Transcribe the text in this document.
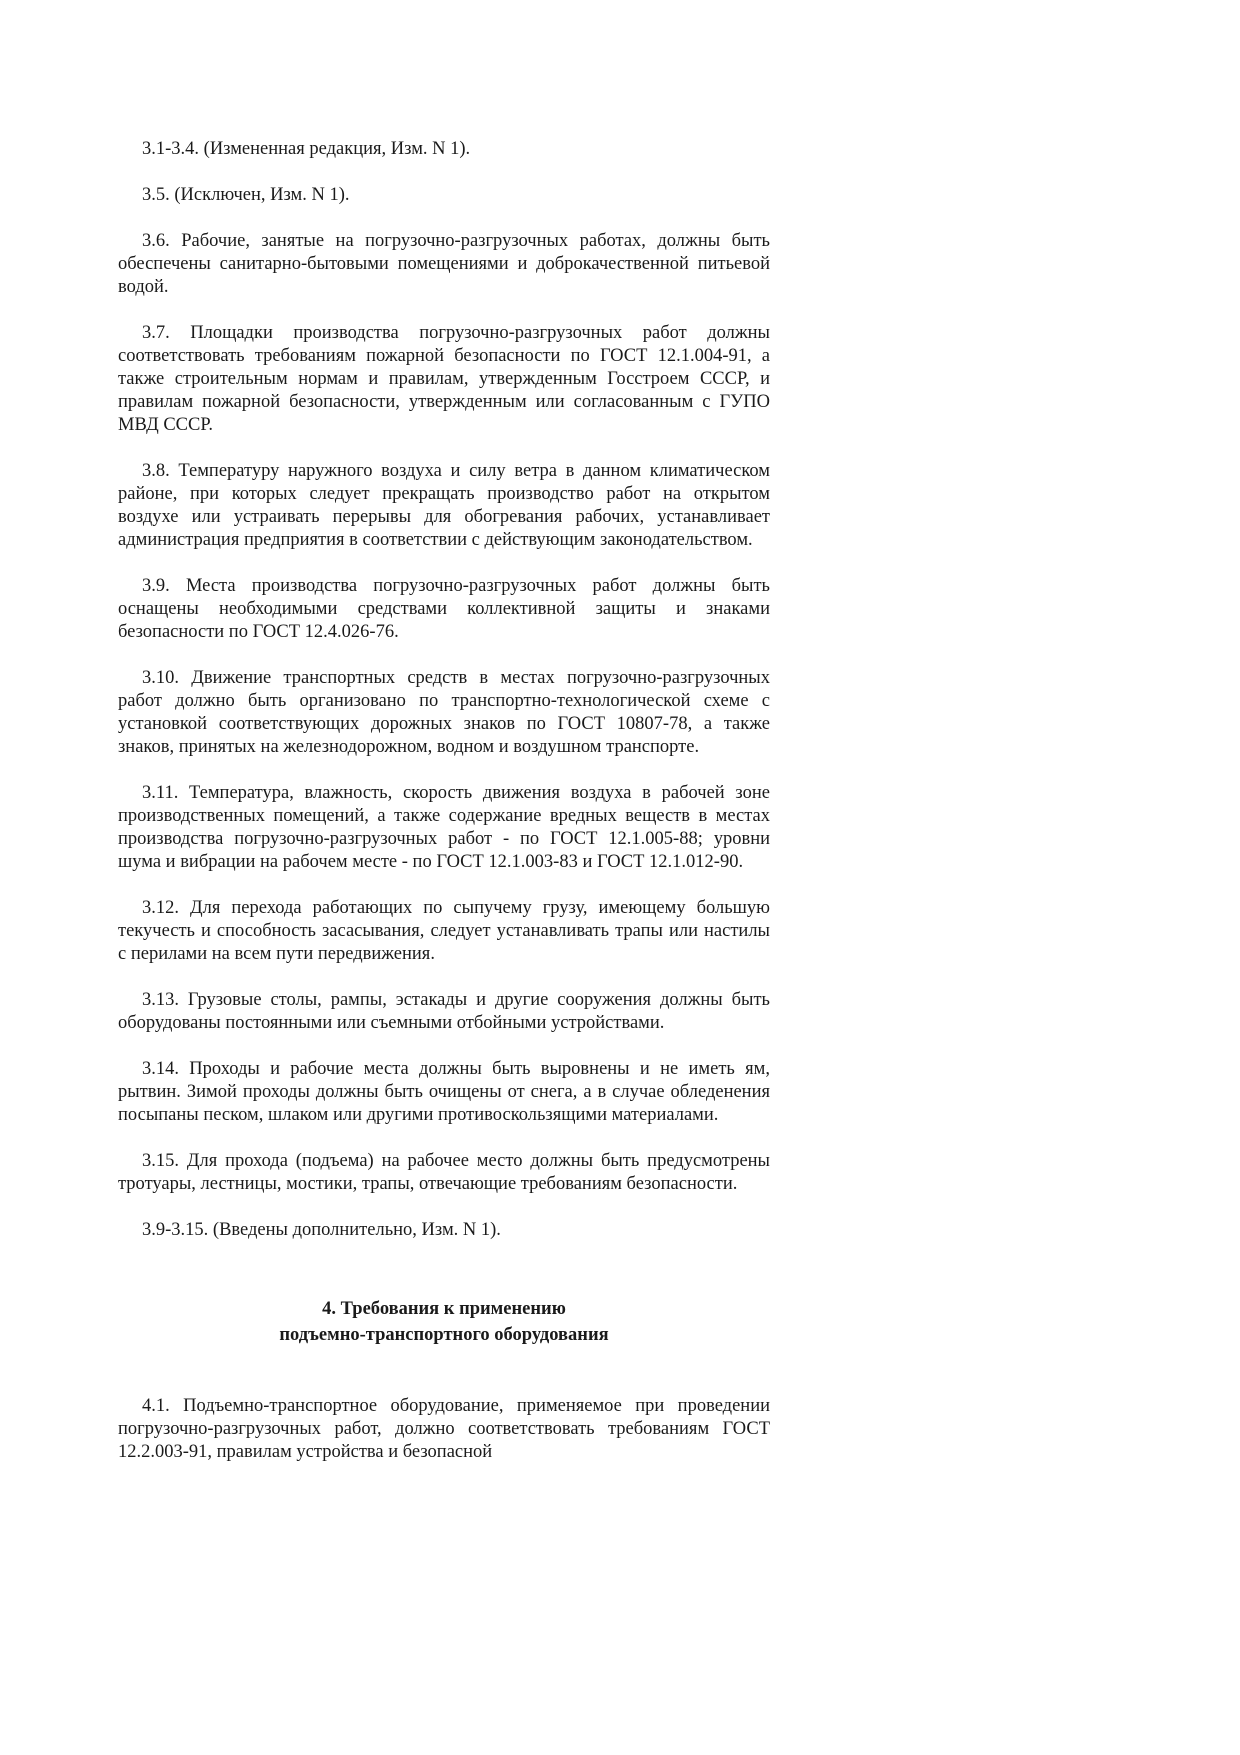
3.1-3.4. (Измененная редакция, Изм. N 1).

3.5. (Исключен, Изм. N 1).

3.6. Рабочие, занятые на погрузочно-разгрузочных работах, должны быть обеспечены санитарно-бытовыми помещениями и доброкачественной питьевой водой.

3.7. Площадки производства погрузочно-разгрузочных работ должны соответствовать требованиям пожарной безопасности по ГОСТ 12.1.004-91, а также строительным нормам и правилам, утвержденным Госстроем СССР, и правилам пожарной безопасности, утвержденным или согласованным с ГУПО МВД СССР.

3.8. Температуру наружного воздуха и силу ветра в данном климатическом районе, при которых следует прекращать производство работ на открытом воздухе или устраивать перерывы для обогревания рабочих, устанавливает администрация предприятия в соответствии с действующим законодательством.

3.9. Места производства погрузочно-разгрузочных работ должны быть оснащены необходимыми средствами коллективной защиты и знаками безопасности по ГОСТ 12.4.026-76.

3.10. Движение транспортных средств в местах погрузочно-разгрузочных работ должно быть организовано по транспортно-технологической схеме с установкой соответствующих дорожных знаков по ГОСТ 10807-78, а также знаков, принятых на железнодорожном, водном и воздушном транспорте.

3.11. Температура, влажность, скорость движения воздуха в рабочей зоне производственных помещений, а также содержание вредных веществ в местах производства погрузочно-разгрузочных работ - по ГОСТ 12.1.005-88; уровни шума и вибрации на рабочем месте - по ГОСТ 12.1.003-83 и ГОСТ 12.1.012-90.

3.12. Для перехода работающих по сыпучему грузу, имеющему большую текучесть и способность засасывания, следует устанавливать трапы или настилы с перилами на всем пути передвижения.

3.13. Грузовые столы, рампы, эстакады и другие сооружения должны быть оборудованы постоянными или съемными отбойными устройствами.

3.14. Проходы и рабочие места должны быть выровнены и не иметь ям, рытвин. Зимой проходы должны быть очищены от снега, а в случае обледенения посыпаны песком, шлаком или другими противоскользящими материалами.

3.15. Для прохода (подъема) на рабочее место должны быть предусмотрены тротуары, лестницы, мостики, трапы, отвечающие требованиям безопасности.

3.9-3.15. (Введены дополнительно, Изм. N 1).

4. Требования к применению
подъемно-транспортного оборудования

4.1. Подъемно-транспортное оборудование, применяемое при проведении погрузочно-разгрузочных работ, должно соответствовать требованиям ГОСТ 12.2.003-91, правилам устройства и безопасной
